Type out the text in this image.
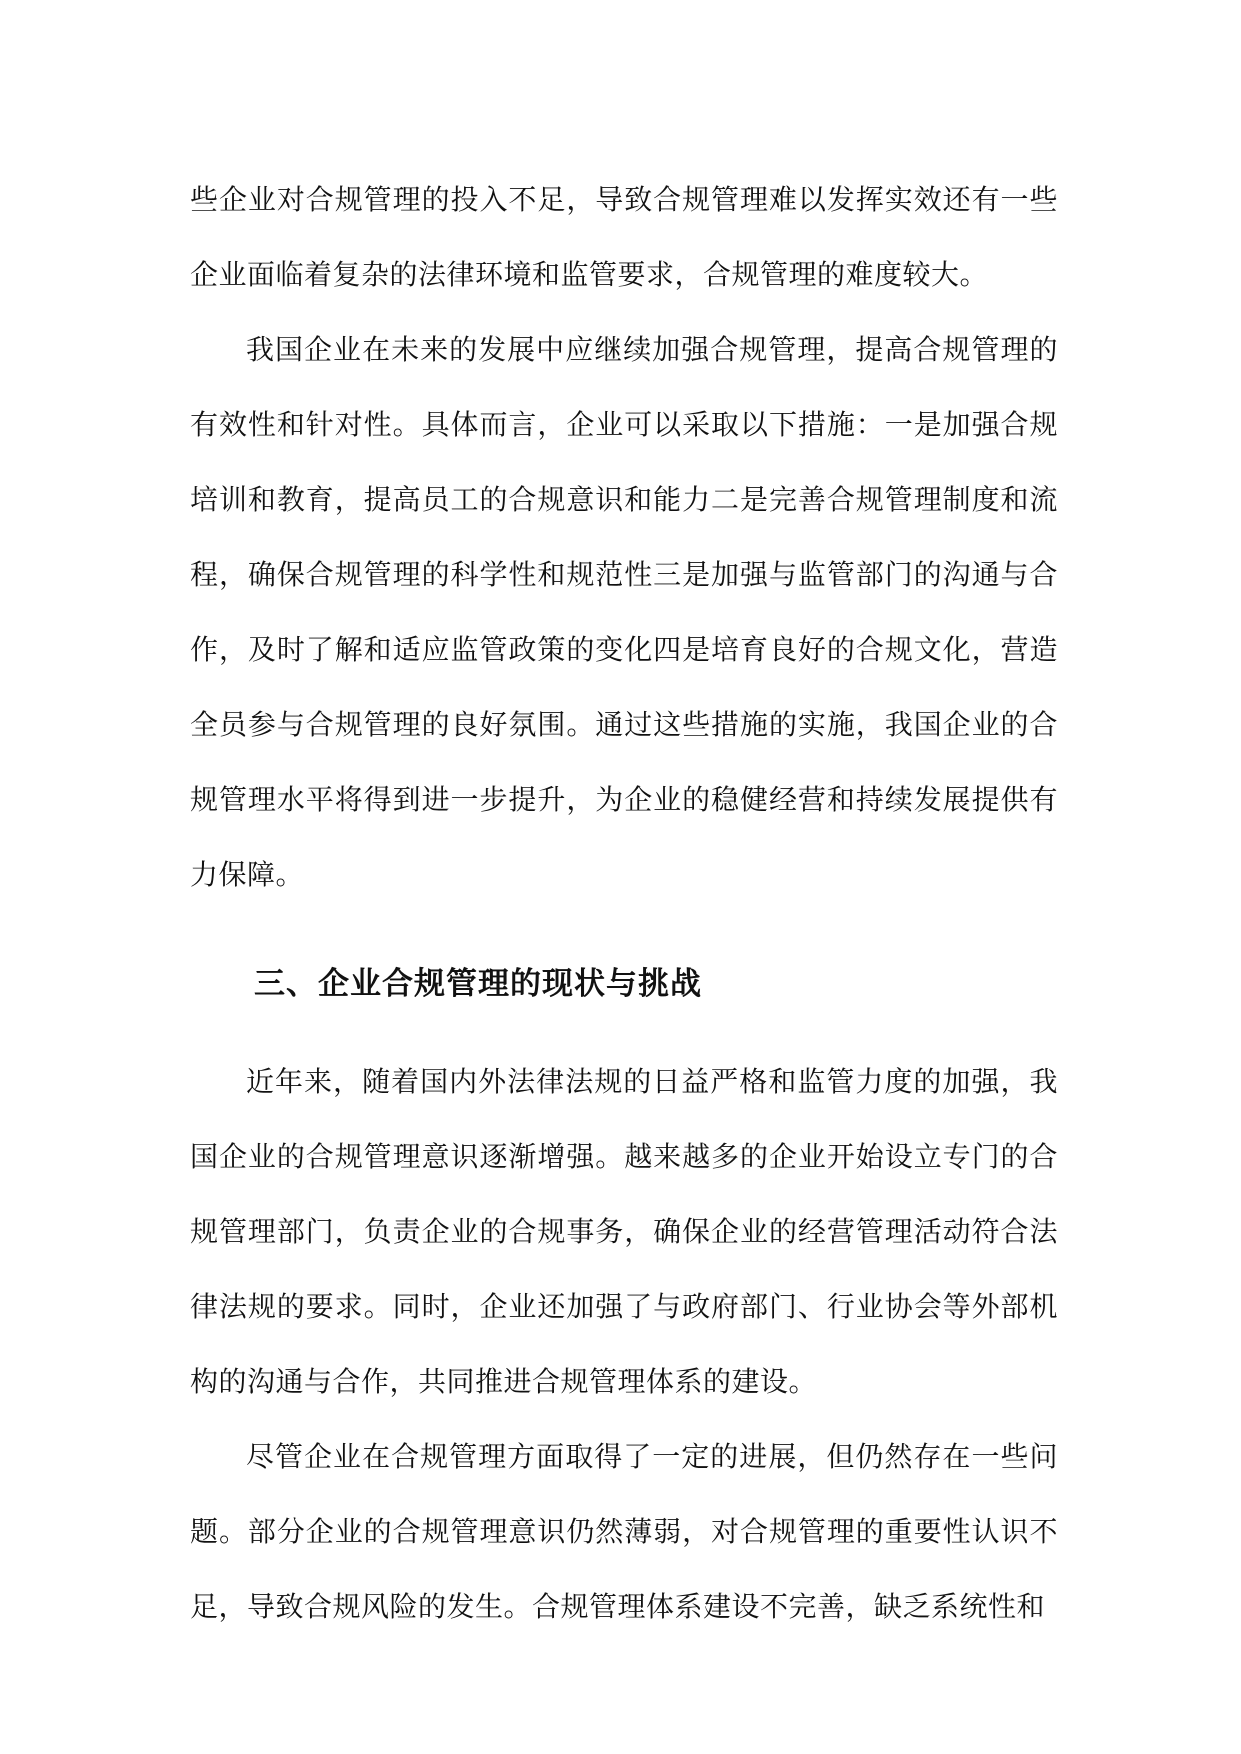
些企业对合规管理的投入不足，导致合规管理难以发挥实效还有一些企业面临着复杂的法律环境和监管要求，合规管理的难度较大。

我国企业在未来的发展中应继续加强合规管理，提高合规管理的有效性和针对性。具体而言，企业可以采取以下措施：一是加强合规培训和教育，提高员工的合规意识和能力二是完善合规管理制度和流程，确保合规管理的科学性和规范性三是加强与监管部门的沟通与合作，及时了解和适应监管政策的变化四是培育良好的合规文化，营造全员参与合规管理的良好氛围。通过这些措施的实施，我国企业的合规管理水平将得到进一步提升，为企业的稳健经营和持续发展提供有力保障。

三、企业合规管理的现状与挑战

近年来，随着国内外法律法规的日益严格和监管力度的加强，我国企业的合规管理意识逐渐增强。越来越多的企业开始设立专门的合规管理部门，负责企业的合规事务，确保企业的经营管理活动符合法律法规的要求。同时，企业还加强了与政府部门、行业协会等外部机构的沟通与合作，共同推进合规管理体系的建设。

尽管企业在合规管理方面取得了一定的进展，但仍然存在一些问题。部分企业的合规管理意识仍然薄弱，对合规管理的重要性认识不足，导致合规风险的发生。合规管理体系建设不完善，缺乏系统性和
